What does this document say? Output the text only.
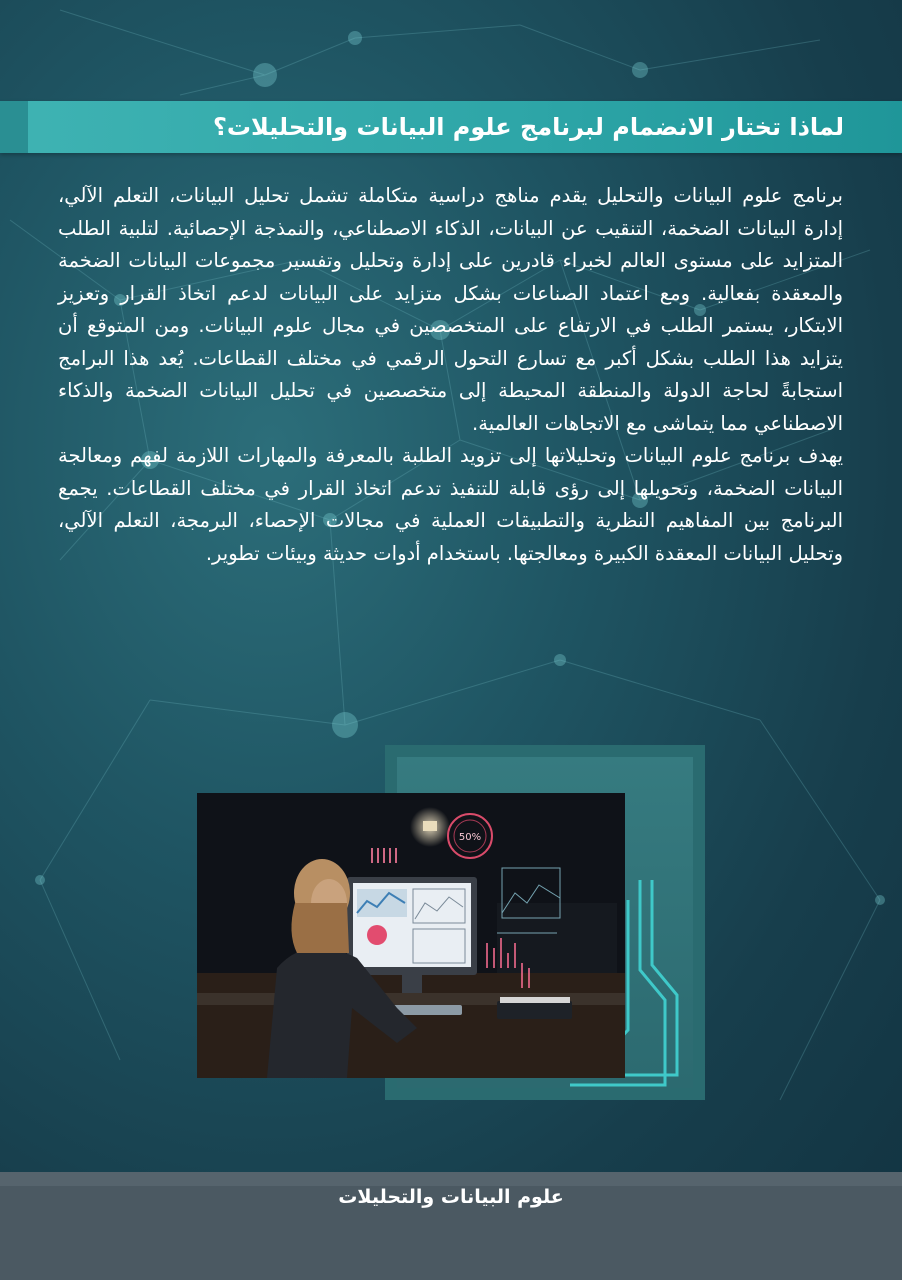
لماذا تختار الانضمام لبرنامج علوم البيانات والتحليلات؟

برنامج علوم البيانات والتحليل يقدم مناهج دراسية متكاملة تشمل تحليل البيانات، التعلم الآلي، إدارة البيانات الضخمة، التنقيب عن البيانات، الذكاء الاصطناعي، والنمذجة الإحصائية. لتلبية الطلب المتزايد على مستوى العالم لخبراء قادرين على إدارة وتحليل وتفسير مجموعات البيانات الضخمة والمعقدة بفعالية. ومع اعتماد الصناعات بشكل متزايد على البيانات لدعم اتخاذ القرار وتعزيز الابتكار، يستمر الطلب في الارتفاع على المتخصصين في مجال علوم البيانات. ومن المتوقع أن يتزايد هذا الطلب بشكل أكبر مع تسارع التحول الرقمي في مختلف القطاعات. يُعد هذا البرامج استجابةً لحاجة الدولة والمنطقة المحيطة إلى متخصصين في تحليل البيانات الضخمة والذكاء الاصطناعي مما يتماشى مع الاتجاهات العالمية.

يهدف برنامج علوم البيانات وتحليلاتها إلى تزويد الطلبة بالمعرفة والمهارات اللازمة لفهم ومعالجة البيانات الضخمة، وتحويلها إلى رؤى قابلة للتنفيذ تدعم اتخاذ القرار في مختلف القطاعات. يجمع البرنامج بين المفاهيم النظرية والتطبيقات العملية في مجالات الإحصاء، البرمجة، التعلم الآلي، وتحليل البيانات المعقدة الكبيرة ومعالجتها. باستخدام أدوات حديثة وبيئات تطوير.

50%

علوم البيانات والتحليلات
